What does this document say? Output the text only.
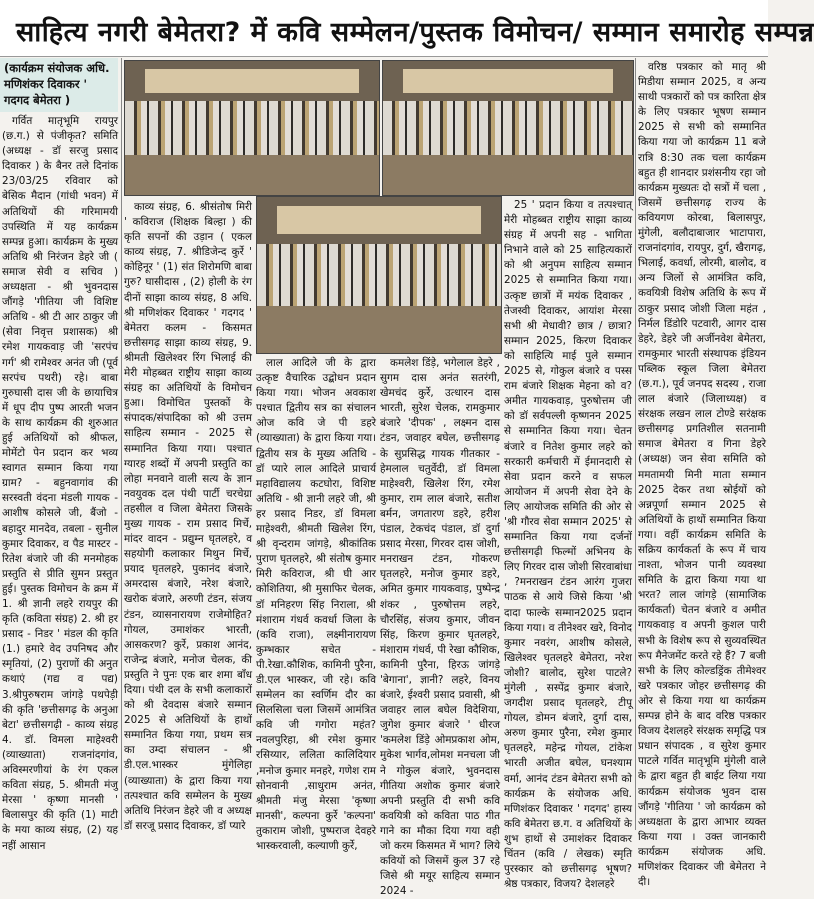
साहित्य नगरी बेमेतरा? में कवि सम्मेलन/पुस्तक विमोचन/ सम्मान समारोह सम्पन्न
(कार्यक्रम संयोजक अधि. मणिशंकर दिवाकर ' गदगद बेमेतरा )

गर्वित मातृभूमि रायपुर (छ.ग.) से पंजीकृत? समिति (अध्यक्ष - डॉ सरजु प्रसाद दिवाकर ) के बैनर तले दिनांक 23/03/25 रविवार को बेसिक मैदान (गांधी भवन) में अतिथियों की गरिमामयी उपस्थिति में यह कार्यक्रम सम्पन्न हुआ। कार्यक्रम के मुख्य अतिथि श्री निरंजन डेहरे जी ( समाज सेवी व सचिव ) अध्यक्षता - श्री भुवनदास जौंगड़े 'गीतिया जी विशिष्ट अतिथि - श्री टी आर ठाकुर जी (सेवा निवृत्त प्रशासक) श्री रमेश गायकवाड़ जी 'सरपंच गर्ग' श्री रामेश्वर अनंत जी (पूर्व सरपंच पथरी) रहे। बाबा गुरुघासी दास जी के छायाचित्र में धूप दीप पुष्प आरती भजन के साथ कार्यक्रम की शुरुआत हुई अतिथियों को श्रीफल, मोमेंटो पेन प्रदान कर भव्य स्वागत सम्मान किया गया ग्राम? - बहुनवागांव की सरस्वती वंदना मंडली गायक - आशीष कोसले जी, बैंजो - बहादुर मानदेव, तबला - सुनील कुमार दिवाकर, व पैड मास्टर - रितेश बंजारे जी की मनमोहक प्रस्तुति से प्रीति सुमन प्रस्तुत हुई। पुस्तक विमोचन के क्रम में 1. श्री ज्ञानी लहरे रायपुर की कृति (कविता संग्रह) 2. श्री हर प्रसाद - निडर ' मंडल की कृति (1.) हमारे वेद उपनिषद और स्मृतियां, (2) पुराणों की अनुत कथाएं (गद्य व पद्य) 3.श्रीपुरुषराम जांगड़े पथपेड़ी की कृति 'छत्तीसगढ़ के अनुआ बेटा' छत्तीसगढ़ी - काव्य संग्रह 4. डॉ. विमला माहेश्वरी (व्याख्याता) राजनांदगांव, अविस्मरणीयां के रंग एकल कविता संग्रह, 5. श्रीमती मंजु मेरसा ' कृष्णा मानसी ' बिलासपुर की कृति (1) माटी के मया काव्य संग्रह, (2) यह नहीं आसान

काव्य संग्रह, 6. श्रीसंतोष मिरी ' कविराज (शिक्षक बिल्हा ) की कृति सपनों की उड़ान ( एकल काव्य संग्रह, 7. श्रीडिजेन्द कुर्रे ' कोहिनूर ' (1) संत शिरोमणि बाबा गुरु? घासीदास , (2) होली के रंग दीनों साझा काव्य संग्रह, 8 अधि. श्री मणिशंकर दिवाकर ' गदगद ' बेमेतरा कलम - किसमत छत्तीसगढ़ साझा काव्य संग्रह, 9. श्रीमती खिलेश्वर रिंग भिलाई की मेरी मोहब्बत राष्ट्रीय साझा काव्य संग्रह का अतिथियों के विमोचन हुआ। विमोचित पुस्तकों के संपादक/संपादिका को श्री उत्तम साहित्य सम्मान - 2025 से सम्मानित किया गया। पश्चात ग्यारह शब्दों में अपनी प्रस्तुति का लोहा मनवाने वाली सत्य के ज्ञान नवयुवक दल पंथी पार्टी चरचेग्रा तहसील व जिला बेमेतरा जिसके मुख्य गायक - राम प्रसाद मिर्चे, मांदर वादन - प्रद्युम्न घृतलहरे, व सहयोगी कलाकार मिथुन मिर्चे, प्रयाद घृतलहरे, पुकानंद बंजारे, अमरदास बंजारे, नरेश बंजारे, खरोक बंजारे, अरुणी टंडन, संजय टंडन, व्यासनारायण राजेमोहित? गोयल, उमाशंकर भारती, आसकरण? कुर्रे, प्रकाश आनंद, राजेन्द्र बंजारे, मनोज चेलक, की प्रस्तुति ने पुनः एक बार शमा बाँध दिया। पंथी दल के सभी कलाकारों को श्री देवदास बंजारे सम्मान 2025 से अतिथियों के हाथों सम्मानित किया गया, प्रथम सत्र का उम्दा संचालन - श्री डी.एल.भास्कर मुंगेलिहा (व्याख्याता) के द्वारा किया गया तत्पश्चात कवि सम्मेलन के मुख्य अतिथि निरंजन डेहरे जी व अध्यक्ष डॉ सरजू प्रसाद दिवाकर, डॉ प्यारे

25 ' प्रदान किया व तत्पश्चात् मेरी मोहब्बत राष्ट्रीय साझा काव्य संग्रह में अपनी सह - भागिता निभाने वाले को 25 साहित्यकारों को श्री अनुपम साहित्य सम्मान 2025 से सम्मानित किया गया। उत्कृष्ट छात्रों में मयंक दिवाकर , तेजस्वी दिवाकर, आयांश मेरसा सभी श्री मेधावी? छात्र / छात्रा? सम्मान 2025, किरण दिवाकर को साहित्यि माई पुले सम्मान 2025 से, गोकुल बंजारे व पस्स राम बंजारे शिक्षक मेहना को व? अमीत गायकवाड़, पुरुषोत्तम जी को डॉ सर्वपल्ली कृष्णनन 2025 से सम्मानित किया गया। चेतन बंजारे व नितेश कुमार लहरे को सरकारी कर्मचारी में ईमानदारी से सेवा प्रदान करने व सफल आयोजन में अपनी सेवा देने के लिए आयोजक समिति की ओर से 'श्री गौरव सेवा सम्मान 2025' से सम्मानित किया गया दर्जनों छत्तीसगढ़ी फिल्मों अभिनय के लिए गिरवर दास जोशी सिरवाबांधा , ?मनराखन टंडन आरंग गुजरा पाठक से आये जिसे किया 'श्री दादा फाल्के सम्मान2025 प्रदान किया गया। व तीनेश्वर खरे, विनोद कुमार नवरंग, आशीष कोसले, खिलेश्वर घृतलहरे बेमेतरा, नरेश जोशी? बालोद, सुरेश पाटले? मुंगेली , सस्पेंद्र कुमार बंजारे, जगदीश प्रसाद घृतलहरे, टीपू गोयल, डोमन बंजारे, दुर्गा दास, अरुण कुमार पुरैना, रमेश कुमार घृतलहरे, महेन्द्र गोयल, टांकेश भारती अजीत बघेल, घनश्याम वर्मा, आनंद टंडन बेमेतरा सभी को कार्यक्रम के संयोजक अधि. मणिशंकर दिवाकर ' गदगद' हास्य कवि बेमेतरा छ.ग. व अतिथियों के शुभ हाथों से उमाशंकर दिवाकर चिंतन (कवि / लेखक) स्मृति पुरस्कार को छत्तीसगढ़ भूषण? श्रेष्ठ पत्रकार, विजय? देशलहरे

लाल आदिले जी के द्वारा उत्कृष्ट वैचारिक उद्बोधन प्रदान किया गया। भोजन अवकाश पश्चात द्वितीय सत्र का संचालन ओज कवि जे पी डहरे (व्याख्याता) के द्वारा किया गया। द्वितीय सत्र के मुख्य अतिथि - डॉ प्यारे लाल आदिले प्राचार्य महाविद्यालय कटघोरा, विशिष्ट अतिथि - श्री ज्ञानी लहरे जी, श्री हर प्रसाद निडर, डॉ विमला माहेश्वरी, श्रीमती खिलेश रिंग, श्री वृन्दराम जांगड़े, श्रीकांतिक पुराण घृतलहरे, श्री संतोष कुमार मिरी कविराज, श्री घी आर कोशितिया, श्री मुसाफिर चेलक, डॉ मनिहरण सिंह निराला, श्री मंशाराम गंधर्व कवर्धा जिला के (कवि राजा), लक्ष्मीनारायण कुम्भकार सचेत - पी.रेखा.कौशिक, कामिनी पुरैना, डी.एल भास्कर, जी रहे। कवि सम्मेलन का स्वर्णिम दौर का सिलसिला चला जिसमें आमंत्रित कवि जी गगोरा महंत? नवलपुरिहा, श्री रमेश कुमार रसिय्यार, ललिता कालिदियार ,मनोज कुमार मनहरे, गणेश राम सोनवानी ,साधुराम अनंत, श्रीमती मंजु मेरसा 'कृष्णा मानसी', कल्पना कुर्रे 'कल्पना' तुकाराम जोशी, पुष्पराज देवहरे भास्करवाली, कल्याणी कुर्रे,

कमलेश डिंड़े, भगेलाल डेहरे , सुगम दास अनंत सतरंगी, खेमचंद कुर्रे, उत्धारन दास भारती, सुरेश चेलक, रामकुमार बंजारे 'दीपक' , लक्ष्मन दास टंडन, जवाहर बघेल, छत्तीसगढ़ के सुप्रसिद्ध गायक गीतकार - हेमलाल चतुर्वेदी, डॉ विमला माहेश्वरी, खिलेश रिंग, रमेश कुमार, राम लाल बंजारे, सतीश बर्मन, जगतारण डहरे, हरीश पंडाल, टेकचंद पंडाल, डॉ दुर्गा प्रसाद मेरसा, गिरवर दास जोशी, मनराखन टंडन, गोकरण घृतलहरे, मनोज कुमार डहरे, अमित कुमार गायकवाड़, पुष्पेन्द्र शंकर , पुरुषोत्तम लहरे, चौरसिंह, संजय कुमार, जीवन सिंह, किरण कुमार घृतलहरे, मंशाराम गंधर्व, पी रेखा कौशिक, कामिनी पुरैना, हिरऊ जांगड़े 'बेगाना', ज्ञानी? लहरे, विनय बंजारे, ईश्वरी प्रसाद प्रवासी, श्री जवाहर लाल बघेल विदेशिया, जुगेश कुमार बंजारे ' धीरज 'कमलेश डिंड़े ओमप्रकाश ओम, मुकेश भार्गव,लोमश मनचला जी ने गोकुल बंजारे, भुवनदास गीतिया अशोक कुमार बंजारे अपनी प्रस्तुति दी सभी कवि कवयित्री को कविता पाठ गीत गाने का मौका दिया गया वही जो करम किसमत में भाग? लिये कवियों को जिसमें कुल 37 रहे जिसे श्री मयूर साहित्य सम्मान 2024 -

वरिष्ठ पत्रकार को मातृ श्री मिडीया सम्मान 2025, व अन्य साथी पत्रकारों को पत्र कारिता क्षेत्र के लिए पत्रकार भूषण सम्मान 2025 से सभी को सम्मानित किया गया जो कार्यक्रम 11 बजे रात्रि 8:30 तक चला कार्यक्रम बहुत ही शानदार प्रशंसनीय रहा जो कार्यक्रम मुख्यतः दो सत्रों में चला , जिसमें छत्तीसगढ़ राज्य के कवियगण कोरबा, बिलासपुर, मुंगेली, बलौदाबाजार भाटापारा, राजनांदगांव, रायपुर, दुर्ग, खैरागढ़, भिलाई, कवर्धा, लोरमी, बालोद, व अन्य जिलों से आमंत्रित कवि, कवयित्री विशेष अतिथि के रूप में ठाकुर प्रसाद जोशी जिला महंत , निर्मल डिंडोरि पटवारी, आगर दास डेहरे, डेहरे जी अर्जीनवेश बेमेतरा, रामकुमार भारती संस्थापक इंडियन पब्लिक स्कूल जिला बेमेतरा (छ.ग.), पूर्व जनपद सदस्य , राजा लाल बंजारे (जिलाध्यक्ष) व संरक्षक लखन लाल टोण्डे सरंक्षक छत्तीसगढ़ प्रगतिशील सतनामी समाज बेमेतरा व गिना डेहरे (अध्यक्ष) जन सेवा समिति को ममतामयी मिनी माता सम्मान 2025 देकर तथा स्रोईयों को अन्नपूर्णा सम्मान 2025 से अतिथियों के हाथों सम्मानित किया गया। वहीं कार्यक्रम समिति के सक्रिय कार्यकर्ता के रूप में चाय नाश्ता, भोजन पानी व्यवस्था समिति के द्वारा किया गया था भरत? लाल जांगड़े (सामाजिक कार्यकर्ता) चेतन बंजारे व अमीत गायकवाड़ व अपनी कुशल पारी सभी के विशेष रूप से सुव्यवस्थित रूप मैनेजमेंट करते रहे हैं? 7 बजी सभी के लिए कोल्डड्रिंक तीमेश्वर खरे पत्रकार जोहर छत्तीसगढ़ की ओर से किया गया था कार्यक्रम सम्पन्न होने के बाद वरिष्ठ पत्रकार विजय देशलहरे संरक्षक समृद्धि पत्र प्रधान संपादक , व सुरेश कुमार पाटले गर्वित मातृभूमि मुंगेली वाले के द्वारा बहुत ही बाईट लिया गया कार्यक्रम संयोजक भुवन दास जौंगड़े 'गीतिया ' जो कार्यक्रम को अध्यक्षता के द्वारा आभार व्यक्त किया गया । उक्त जानकारी कार्यक्रम संयोजक अधि. मणिशंकर दिवाकर जी बेमेतरा ने दी।
